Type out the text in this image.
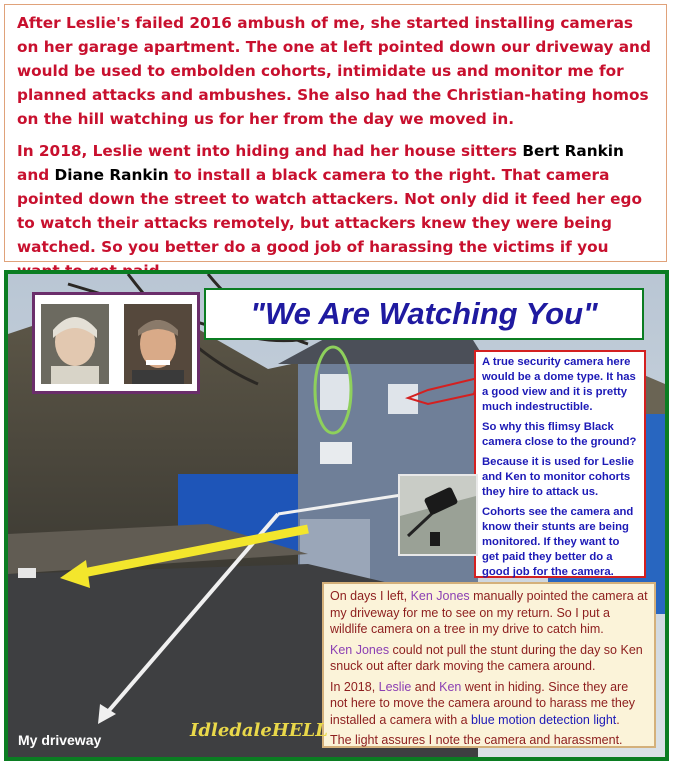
After Leslie's failed 2016 ambush of me, she started installing cameras on her garage apartment. The one at left pointed down our driveway and would be used to embolden cohorts, intimidate us and monitor me for planned attacks and ambushes. She also had the Christian-hating homos on the hill watching us for her from the day we moved in.

In 2018, Leslie went into hiding and had her house sitters Bert Rankin and Diane Rankin to install a black camera to the right. That camera pointed down the street to watch attackers. Not only did it feed her ego to watch their attacks remotely, but attackers knew they were being watched. So you better do a good job of harassing the victims if you

"We Are Watching You"

A true security camera here would be a dome type. It has a good view and it is pretty much indestructible.

So why this flimsy Black camera close to the ground?

Because it is used for Leslie and Ken to monitor cohorts they hire to attack us.

Cohorts see the camera and know their stunts are being monitored. If they want to get paid they better do a good job for the camera.

On days I left, Ken Jones manually pointed the camera at my driveway for me to see on my return. So I put a wildlife camera on a tree in my drive to catch him.

Ken Jones could not pull the stunt during the day so Ken snuck out after dark moving the camera around.

In 2018, Leslie and Ken went in hiding. Since they are not here to move the camera around to harass me they installed a camera with a blue motion detection light.

The light assures I note the camera and harassment.

My driveway	IdledaleHELL
